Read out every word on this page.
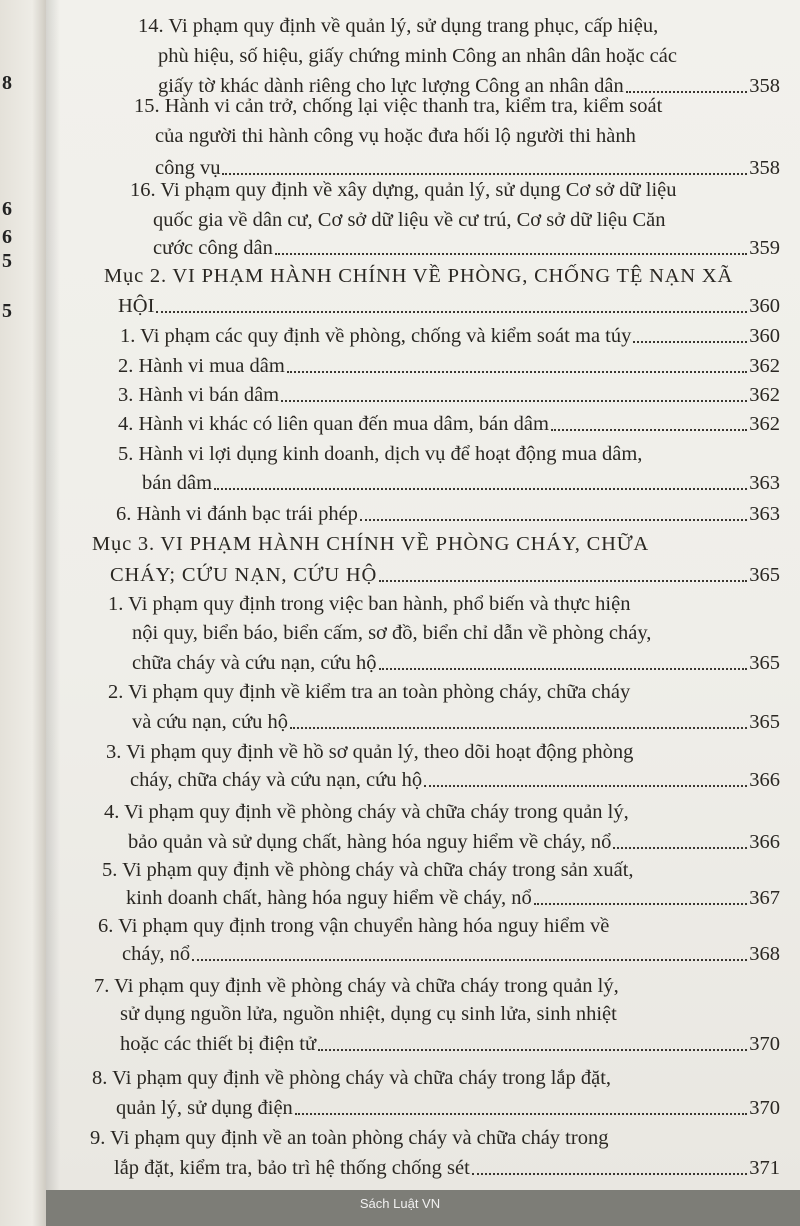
8
6
6
5
5
14. Vi phạm quy định về quản lý, sử dụng trang phục, cấp hiệu,
phù hiệu, số hiệu, giấy chứng minh Công an nhân dân hoặc các
giấy tờ khác dành riêng cho lực lượng Công an nhân dân	358
15. Hành vi cản trở, chống lại việc thanh tra, kiểm tra, kiểm soát
của người thi hành công vụ hoặc đưa hối lộ người thi hành
công vụ	358
16. Vi phạm quy định về xây dựng, quản lý, sử dụng Cơ sở dữ liệu
quốc gia về dân cư, Cơ sở dữ liệu về cư trú, Cơ sở dữ liệu Căn
cước công dân	359
Mục 2. VI PHẠM HÀNH CHÍNH VỀ PHÒNG, CHỐNG TỆ NẠN XÃ
HỘI	360
1. Vi phạm các quy định về phòng, chống và kiểm soát ma túy	360
2. Hành vi mua dâm	362
3. Hành vi bán dâm	362
4. Hành vi khác có liên quan đến mua dâm, bán dâm	362
5. Hành vi lợi dụng kinh doanh, dịch vụ để hoạt động mua dâm,
bán dâm	363
6. Hành vi đánh bạc trái phép	363
Mục 3. VI PHẠM HÀNH CHÍNH VỀ PHÒNG CHÁY, CHỮA
CHÁY; CỨU NẠN, CỨU HỘ	365
1. Vi phạm quy định trong việc ban hành, phổ biến và thực hiện
nội quy, biển báo, biển cấm, sơ đồ, biển chỉ dẫn về phòng cháy,
chữa cháy và cứu nạn, cứu hộ	365
2. Vi phạm quy định về kiểm tra an toàn phòng cháy, chữa cháy
và cứu nạn, cứu hộ	365
3. Vi phạm quy định về hồ sơ quản lý, theo dõi hoạt động phòng
cháy, chữa cháy và cứu nạn, cứu hộ	366
4. Vi phạm quy định về phòng cháy và chữa cháy trong quản lý,
bảo quản và sử dụng chất, hàng hóa nguy hiểm về cháy, nổ	366
5. Vi phạm quy định về phòng cháy và chữa cháy trong sản xuất,
kinh doanh chất, hàng hóa nguy hiểm về cháy, nổ	367
6. Vi phạm quy định trong vận chuyển hàng hóa nguy hiểm về
cháy, nổ	368
7. Vi phạm quy định về phòng cháy và chữa cháy trong quản lý,
sử dụng nguồn lửa, nguồn nhiệt, dụng cụ sinh lửa, sinh nhiệt
hoặc các thiết bị điện tử	370
8. Vi phạm quy định về phòng cháy và chữa cháy trong lắp đặt,
quản lý, sử dụng điện	370
9. Vi phạm quy định về an toàn phòng cháy và chữa cháy trong
lắp đặt, kiểm tra, bảo trì hệ thống chống sét	371
Sách Luật VN
